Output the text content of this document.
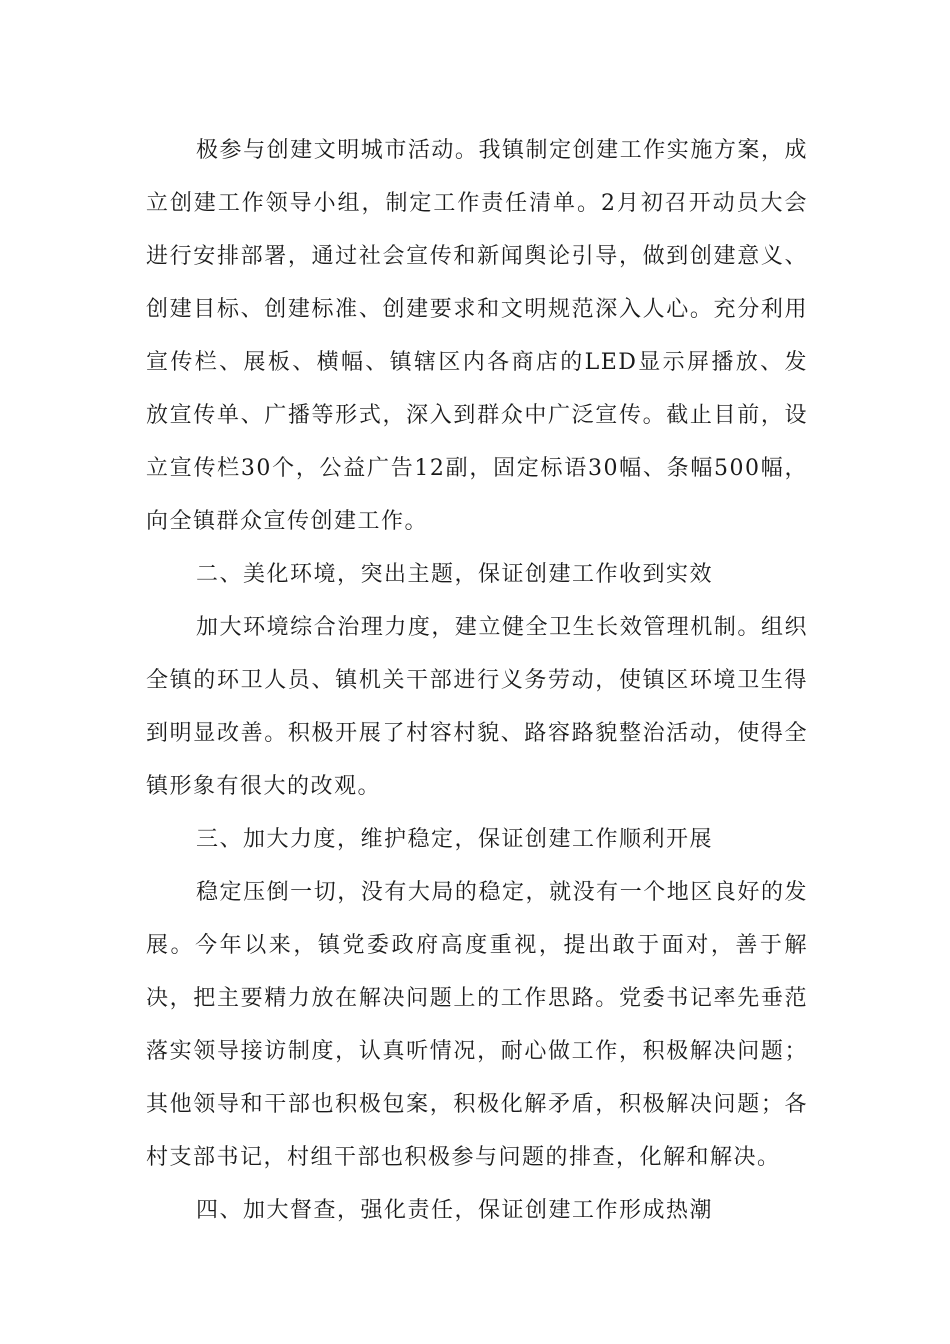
极参与创建文明城市活动。我镇制定创建工作实施方案，成立创建工作领导小组，制定工作责任清单。2月初召开动员大会进行安排部署，通过社会宣传和新闻舆论引导，做到创建意义、创建目标、创建标准、创建要求和文明规范深入人心。充分利用宣传栏、展板、横幅、镇辖区内各商店的LED显示屏播放、发放宣传单、广播等形式，深入到群众中广泛宣传。截止目前，设立宣传栏30个，公益广告12副，固定标语30幅、条幅500幅，向全镇群众宣传创建工作。

二、美化环境，突出主题，保证创建工作收到实效

加大环境综合治理力度，建立健全卫生长效管理机制。组织全镇的环卫人员、镇机关干部进行义务劳动，使镇区环境卫生得到明显改善。积极开展了村容村貌、路容路貌整治活动，使得全镇形象有很大的改观。

三、加大力度，维护稳定，保证创建工作顺利开展

稳定压倒一切，没有大局的稳定，就没有一个地区良好的发展。今年以来，镇党委政府高度重视，提出敢于面对，善于解决，把主要精力放在解决问题上的工作思路。党委书记率先垂范落实领导接访制度，认真听情况，耐心做工作，积极解决问题；其他领导和干部也积极包案，积极化解矛盾，积极解决问题；各村支部书记，村组干部也积极参与问题的排查，化解和解决。

四、加大督查，强化责任，保证创建工作形成热潮
